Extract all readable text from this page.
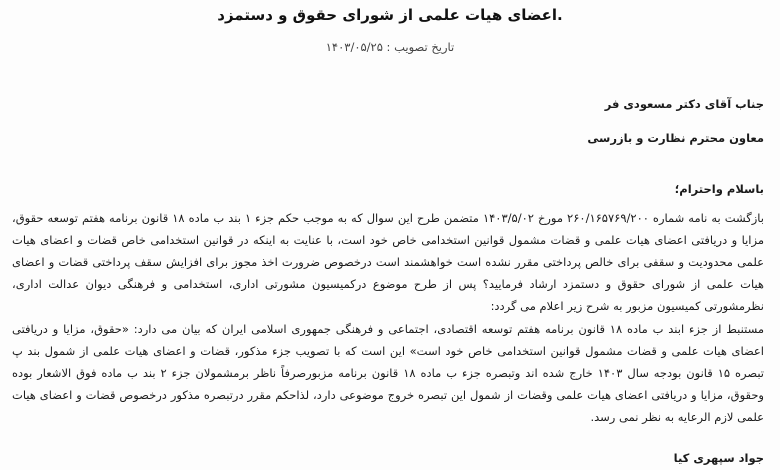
.اعضای هیات علمی از شورای حقوق و دستمزد
تاریخ تصویب : ۱۴۰۳/۰۵/۲۵
جناب آقای دکتر مسعودی فر
معاون محترم نظارت و بازرسی
باسلام واحترام؛
بازگشت به نامه شماره ۲۶۰/۱۶۵۷۶۹/۲۰۰ مورخ ۱۴۰۳/۵/۰۲ متضمن طرح این سوال که به موجب حکم جزء ۱ بند ب ماده ۱۸ قانون برنامه هفتم توسعه حقوق، مزایا و دریافتی اعضای هیات علمی و قضات مشمول قوانین استخدامی خاص خود است، با عنایت به اینکه در قوانین استخدامی خاص قضات و اعضای هیات علمی محدودیت و سقفی برای خالص پرداختی مقرر نشده است خواهشمند است درخصوص ضرورت اخذ مجوز برای افزایش سقف پرداختی قضات و اعضای هیات علمی از شورای حقوق و دستمزد ارشاد فرمایید؟ پس از طرح موضوع درکمیسیون مشورتی اداری، استخدامی و فرهنگی دیوان عدالت اداری، نظرمشورتی کمیسیون مزبور به شرح زیر اعلام می گردد:
مستنبط از جزء ابند ب ماده ۱۸ قانون برنامه هفتم توسعه اقتصادی، اجتماعی و فرهنگی جمهوری اسلامی ایران که بیان می دارد: «حقوق، مزایا و دریافتی اعضای هیات علمی و قضات مشمول قوانین استخدامی خاص خود است» این است که با تصویب جزء مذکور، قضات و اعضای هیات علمی از شمول بند پ تبصره ۱۵ قانون بودجه سال ۱۴۰۳ خارج شده اند وتبصره جزء ب ماده ۱۸ قانون برنامه مزبورصرفاً ناظر برمشمولان جزء ۲ بند ب ماده فوق الاشعار بوده وحقوق، مزایا و دریافتی اعضای هیات علمی وقضات از شمول این تبصره خروج موضوعی دارد، لذاحکم مقرر درتبصره مذکور درخصوص قضات و اعضای هیات علمی لازم الرعایه به نظر نمی رسد.
جواد سپهری کیا
